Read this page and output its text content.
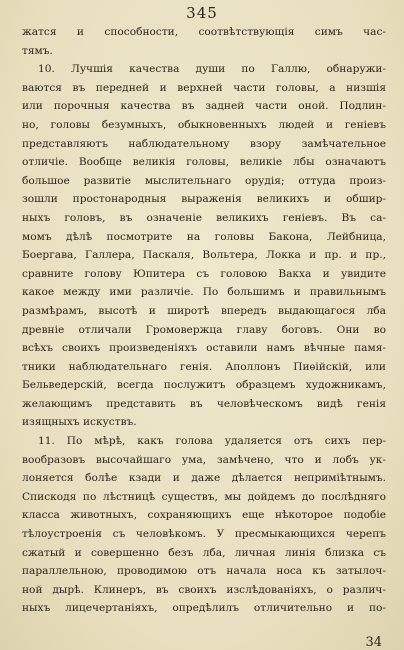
345
жатся и способности, соотвѣтствующія симъ час-
тямъ.
10. Лучшія качества души по Галлю, обнаружи-
ваются въ передней и верхней части головы, а низшія
или порочныя качества въ задней части оной. Подлин-
но, головы безумныхъ, обыкновенныхъ людей и геніевъ
представляютъ наблюдательному взору замѣчательное
отличіе. Вообще великія головы, великіе лбы означаютъ
большое развитіе мыслительнаго орудія; оттуда произ-
зошли простонародныя выраженія великихъ и обшир-
ныхъ головъ, въ означеніе великихъ геніевъ. Въ са-
момъ дѣлѣ посмотрите на головы Бакона, Лейбница,
Боергава, Галлера, Паскаля, Вольтера, Локка и пр. и пр.,
сравните голову Юпитера съ головою Вакха и увидите
какое между ими различіе. По большимъ и правильнымъ
размѣрамъ, высотѣ и широтѣ впередъ выдающагося лба
древніе отличали Громовержца главу боговъ. Они во
всѣхъ своихъ произведеніяхъ оставили намъ вѣчные памя-
тники наблюдательнаго генія. Аполлонъ Пиѳійскій, или
Бельведерскій, всегда послужитъ образцемъ художникамъ,
желающимъ представить въ человѣческомъ видѣ генія
изящныхъ искуствъ.
11. По мѣрѣ, какъ голова удаляется отъ сихъ пер-
вообразовъ высочайшаго ума, замѣчено, что и лобъ ук-
лоняется болѣе кзади и даже дѣлается неприміѣтнымъ.
Спискодя по лѣстницѣ существъ, мы дойдемъ до послѣдняго
класса животныхъ, сохраняющихъ еще нѣкоторое подобіе
тѣлоустроенія съ человѣкомъ. У пресмыкающихся черепъ
сжатый и совершенно безъ лба, личная линія близка съ
параллельною, проводимою отъ начала носа къ затылоч-
ной дырѣ. Клинеръ, въ своихъ изслѣдованіяхъ, о различ-
ныхъ лицечертаніяхъ, опредѣлилъ отличительно и по-
34
